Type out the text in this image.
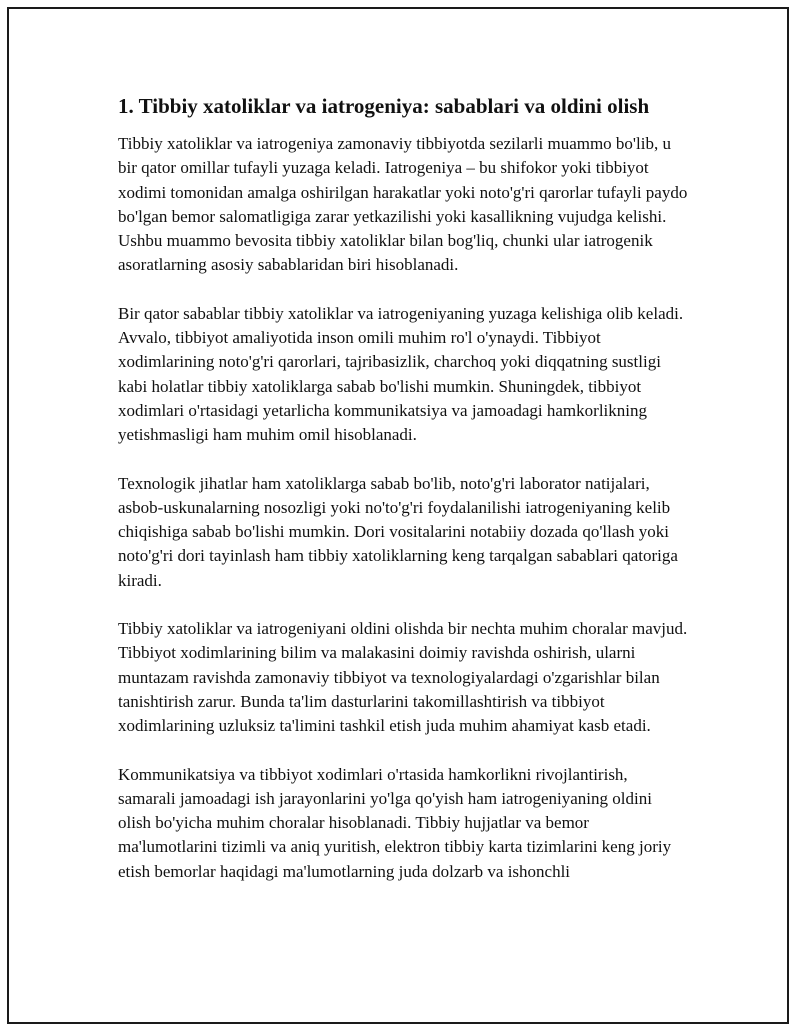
1. Tibbiy xatoliklar va iatrogeniya: sabablari va oldini olish

Tibbiy xatoliklar va iatrogeniya zamonaviy tibbiyotda sezilarli muammo bo'lib, u bir qator omillar tufayli yuzaga keladi. Iatrogeniya – bu shifokor yoki tibbiyot xodimi tomonidan amalga oshirilgan harakatlar yoki noto'g'ri qarorlar tufayli paydo bo'lgan bemor salomatligiga zarar yetkazilishi yoki kasallikning vujudga kelishi. Ushbu muammo bevosita tibbiy xatoliklar bilan bog'liq, chunki ular iatrogenik asoratlarning asosiy sabablaridan biri hisoblanadi.

Bir qator sabablar tibbiy xatoliklar va iatrogeniyaning yuzaga kelishiga olib keladi. Avvalo, tibbiyot amaliyotida inson omili muhim ro'l o'ynaydi. Tibbiyot xodimlarining noto'g'ri qarorlari, tajribasizlik, charchoq yoki diqqatning sustligi kabi holatlar tibbiy xatoliklarga sabab bo'lishi mumkin. Shuningdek, tibbiyot xodimlari o'rtasidagi yetarlicha kommunikatsiya va jamoadagi hamkorlikning yetishmasligi ham muhim omil hisoblanadi.

Texnologik jihatlar ham xatoliklarga sabab bo'lib, noto'g'ri laborator natijalari, asbob-uskunalarning nosozligi yoki no'to'g'ri foydalanilishi iatrogeniyaning kelib chiqishiga sabab bo'lishi mumkin. Dori vositalarini notabiiy dozada qo'llash yoki noto'g'ri dori tayinlash ham tibbiy xatoliklarning keng tarqalgan sabablari qatoriga kiradi.

Tibbiy xatoliklar va iatrogeniyani oldini olishda bir nechta muhim choralar mavjud. Tibbiyot xodimlarining bilim va malakasini doimiy ravishda oshirish, ularni muntazam ravishda zamonaviy tibbiyot va texnologiyalardagi o'zgarishlar bilan tanishtirish zarur. Bunda ta'lim dasturlarini takomillashtirish va tibbiyot xodimlarining uzluksiz ta'limini tashkil etish juda muhim ahamiyat kasb etadi.

Kommunikatsiya va tibbiyot xodimlari o'rtasida hamkorlikni rivojlantirish, samarali jamoadagi ish jarayonlarini yo'lga qo'yish ham iatrogeniyaning oldini olish bo'yicha muhim choralar hisoblanadi. Tibbiy hujjatlar va bemor ma'lumotlarini tizimli va aniq yuritish, elektron tibbiy karta tizimlarini keng joriy etish bemorlar haqidagi ma'lumotlarning juda dolzarb va ishonchli
